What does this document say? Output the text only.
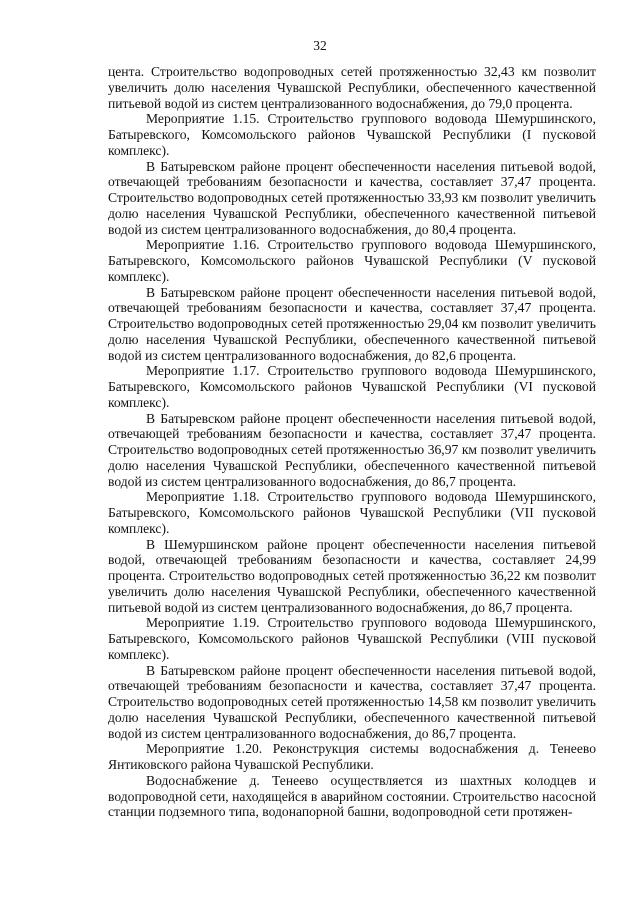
32

цента. Строительство водопроводных сетей протяженностью 32,43 км позволит увеличить долю населения Чувашской Республики, обеспеченного качественной питьевой водой из систем централизованного водоснабжения, до 79,0 процента.

Мероприятие 1.15. Строительство группового водовода Шемуршинского, Батыревского, Комсомольского районов Чувашской Республики (I пусковой комплекс).

В Батыревском районе процент обеспеченности населения питьевой водой, отвечающей требованиям безопасности и качества, составляет 37,47 процента. Строительство водопроводных сетей протяженностью 33,93 км позволит увеличить долю населения Чувашской Республики, обеспеченного качественной питьевой водой из систем централизованного водоснабжения, до 80,4 процента.

Мероприятие 1.16. Строительство группового водовода Шемуршинского, Батыревского, Комсомольского районов Чувашской Республики (V пусковой комплекс).

В Батыревском районе процент обеспеченности населения питьевой водой, отвечающей требованиям безопасности и качества, составляет 37,47 процента. Строительство водопроводных сетей протяженностью 29,04 км позволит увеличить долю населения Чувашской Республики, обеспеченного качественной питьевой водой из систем централизованного водоснабжения, до 82,6 процента.

Мероприятие 1.17. Строительство группового водовода Шемуршинского, Батыревского, Комсомольского районов Чувашской Республики (VI пусковой комплекс).

В Батыревском районе процент обеспеченности населения питьевой водой, отвечающей требованиям безопасности и качества, составляет 37,47 процента. Строительство водопроводных сетей протяженностью 36,97 км позволит увеличить долю населения Чувашской Республики, обеспеченного качественной питьевой водой из систем централизованного водоснабжения, до 86,7 процента.

Мероприятие 1.18. Строительство группового водовода Шемуршинского, Батыревского, Комсомольского районов Чувашской Республики (VII пусковой комплекс).

В Шемуршинском районе процент обеспеченности населения питьевой водой, отвечающей требованиям безопасности и качества, составляет 24,99 процента. Строительство водопроводных сетей протяженностью 36,22 км позволит увеличить долю населения Чувашской Республики, обеспеченного качественной питьевой водой из систем централизованного водоснабжения, до 86,7 процента.

Мероприятие 1.19. Строительство группового водовода Шемуршинского, Батыревского, Комсомольского районов Чувашской Республики (VIII пусковой комплекс).

В Батыревском районе процент обеспеченности населения питьевой водой, отвечающей требованиям безопасности и качества, составляет 37,47 процента. Строительство водопроводных сетей протяженностью 14,58 км позволит увеличить долю населения Чувашской Республики, обеспеченного качественной питьевой водой из систем централизованного водоснабжения, до 86,7 процента.

Мероприятие 1.20. Реконструкция системы водоснабжения д. Тенеево Янтиковского района Чувашской Республики.

Водоснабжение д. Тенеево осуществляется из шахтных колодцев и водопроводной сети, находящейся в аварийном состоянии. Строительство насосной станции подземного типа, водонапорной башни, водопроводной сети протяжен-
